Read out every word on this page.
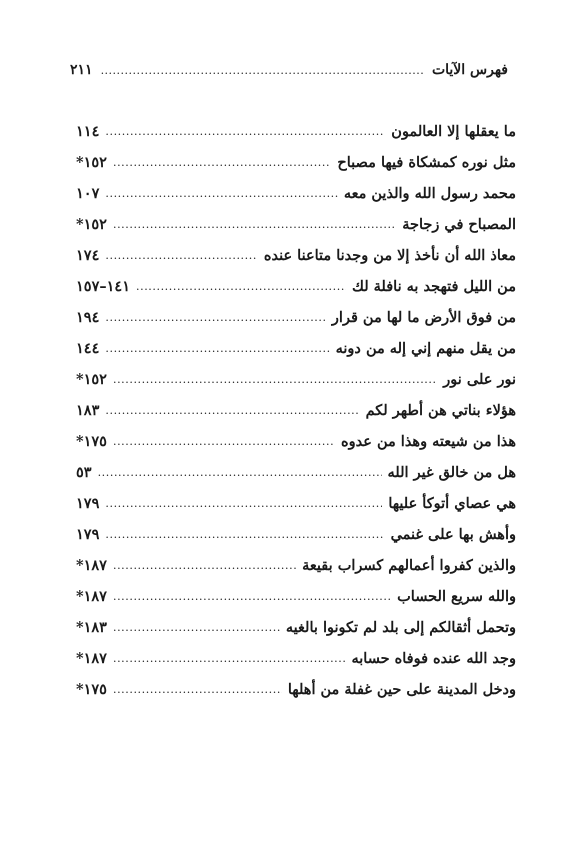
فهرس الآيات
.....
٢١١
ما يعقلها إلا العالمون
.....
١١٤
مثل نوره كمشكاة فيها مصباح
.....
١٥٢*
محمد رسول الله والذين معه
.....
١٠٧
المصباح في زجاجة
.....
١٥٢*
معاذ الله أن نأخذ إلا من وجدنا متاعنا عنده
.....
١٧٤
من الليل فتهجد به نافلة لك
.....
١٤١–١٥٧
من فوق الأرض ما لها من قرار
.....
١٩٤
من يقل منهم إني إله من دونه
.....
١٤٤
نور على نور
.....
١٥٢*
هؤلاء بناتي هن أطهر لكم
.....
١٨٣
هذا من شيعته وهذا من عدوه
.....
١٧٥*
هل من خالق غير الله
.....
٥٣
هي عصاي أتوكأ عليها
.....
١٧٩
وأهش بها على غنمي
.....
١٧٩
والذين كفروا أعمالهم كسراب بقيعة
.....
١٨٧*
والله سريع الحساب
.....
١٨٧*
وتحمل أثقالكم إلى بلد لم تكونوا بالغيه
.....
١٨٣*
وجد الله عنده فوفاه حسابه
.....
١٨٧*
ودخل المدينة على حين غفلة من أهلها
.....
١٧٥*
